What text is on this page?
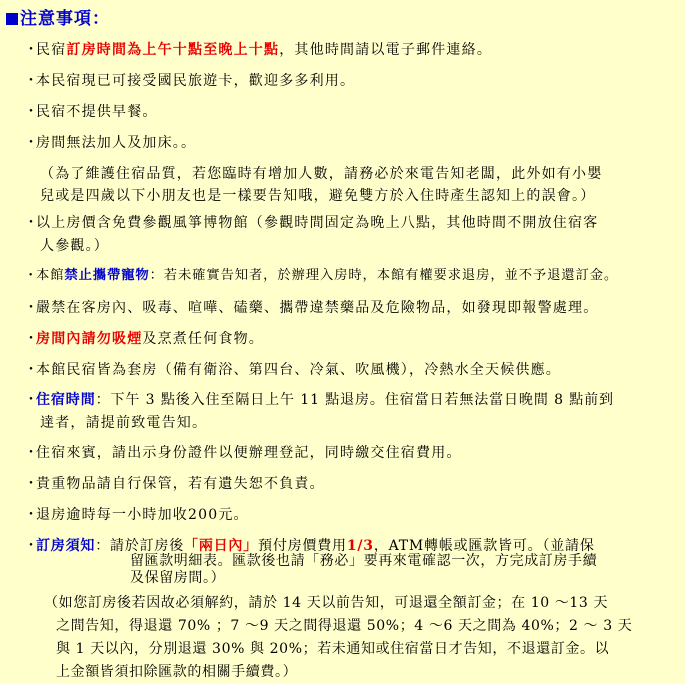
注意事項：
・民宿訂房時間為上午十點至晚上十點，其他時間請以電子郵件連絡。
・本民宿現已可接受國民旅遊卡，歡迎多多利用。
・民宿不提供早餐。
・房間無法加人及加床。。
（為了維護住宿品質，若您臨時有增加人數，請務必於來電告知老闆，此外如有小嬰
兒或是四歲以下小朋友也是一樣要告知哦，避免雙方於入住時產生認知上的誤會。）
・以上房價含免費參觀風箏博物館（參觀時間固定為晚上八點，其他時間不開放住宿客
人參觀。）
・本館禁止攜帶寵物：若未確實告知者，於辦理入房時，本館有權要求退房，並不予退還訂金。
・嚴禁在客房內、吸毒、喧嘩、磕藥、攜帶違禁藥品及危險物品，如發現即報警處理。
・房間內請勿吸煙及烹煮任何食物。
・本館民宿皆為套房（備有衛浴、第四台、冷氣、吹風機），冷熱水全天候供應。
・住宿時間：下午 3 點後入住至隔日上午 11 點退房。住宿當日若無法當日晚間 8 點前到
達者，請提前致電告知。
・住宿來賓，請出示身份證件以便辦理登記，同時繳交住宿費用。
・貴重物品請自行保管，若有遺失恕不負責。
・退房逾時每一小時加收200元。
・訂房須知：請於訂房後「兩日內」預付房價費用1/3，ATM轉帳或匯款皆可。（並請保
留匯款明細表。匯款後也請「務必」要再來電確認一次，方完成訂房手續
及保留房間。）
（如您訂房後若因故必須解約，請於 14 天以前告知，可退還全額訂金；在 10 ～13 天
之間告知，得退還 70% ；7 ～9 天之間得退還 50%；4 ～6 天之間為 40%；2 ～ 3 天
與 1 天以內，分別退還 30% 與 20%；若未通知或住宿當日才告知，不退還訂金。以
上金額皆須扣除匯款的相關手續費。）
